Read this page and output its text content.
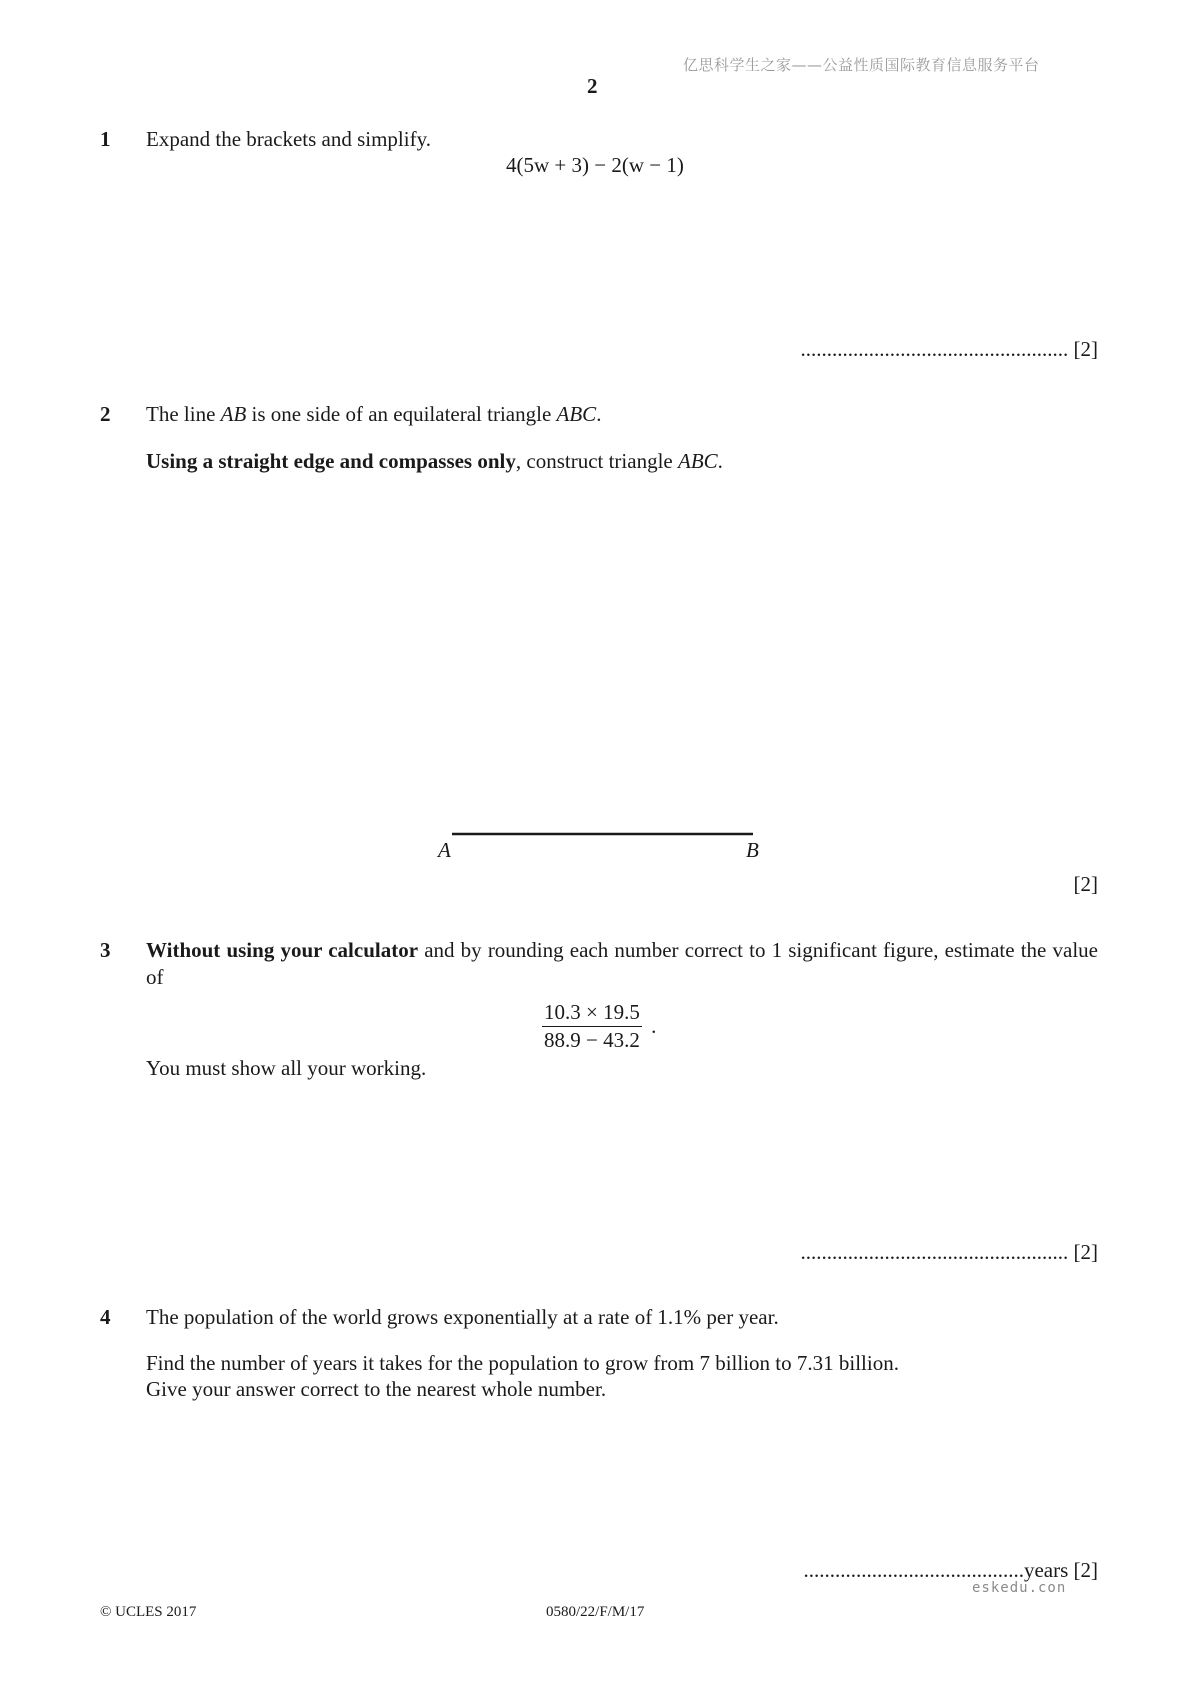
亿思科学生之家——公益性质国际教育信息服务平台
2
1 Expand the brackets and simplify.
4(5w + 3) − 2(w − 1)
................................................... [2]
2 The line AB is one side of an equilateral triangle ABC.
Using a straight edge and compasses only, construct triangle ABC.
A	B
[2]
3 Without using your calculator and by rounding each number correct to 1 significant figure, estimate the value of
$\frac{10.3 \times 19.5}{88.9 - 43.2}$ .
You must show all your working.
................................................... [2]
4 The population of the world grows exponentially at a rate of 1.1% per year.
Find the number of years it takes for the population to grow from 7 billion to 7.31 billion.
Give your answer correct to the nearest whole number.
..........................................years [2]
eskedu.con
© UCLES 2017	0580/22/F/M/17
